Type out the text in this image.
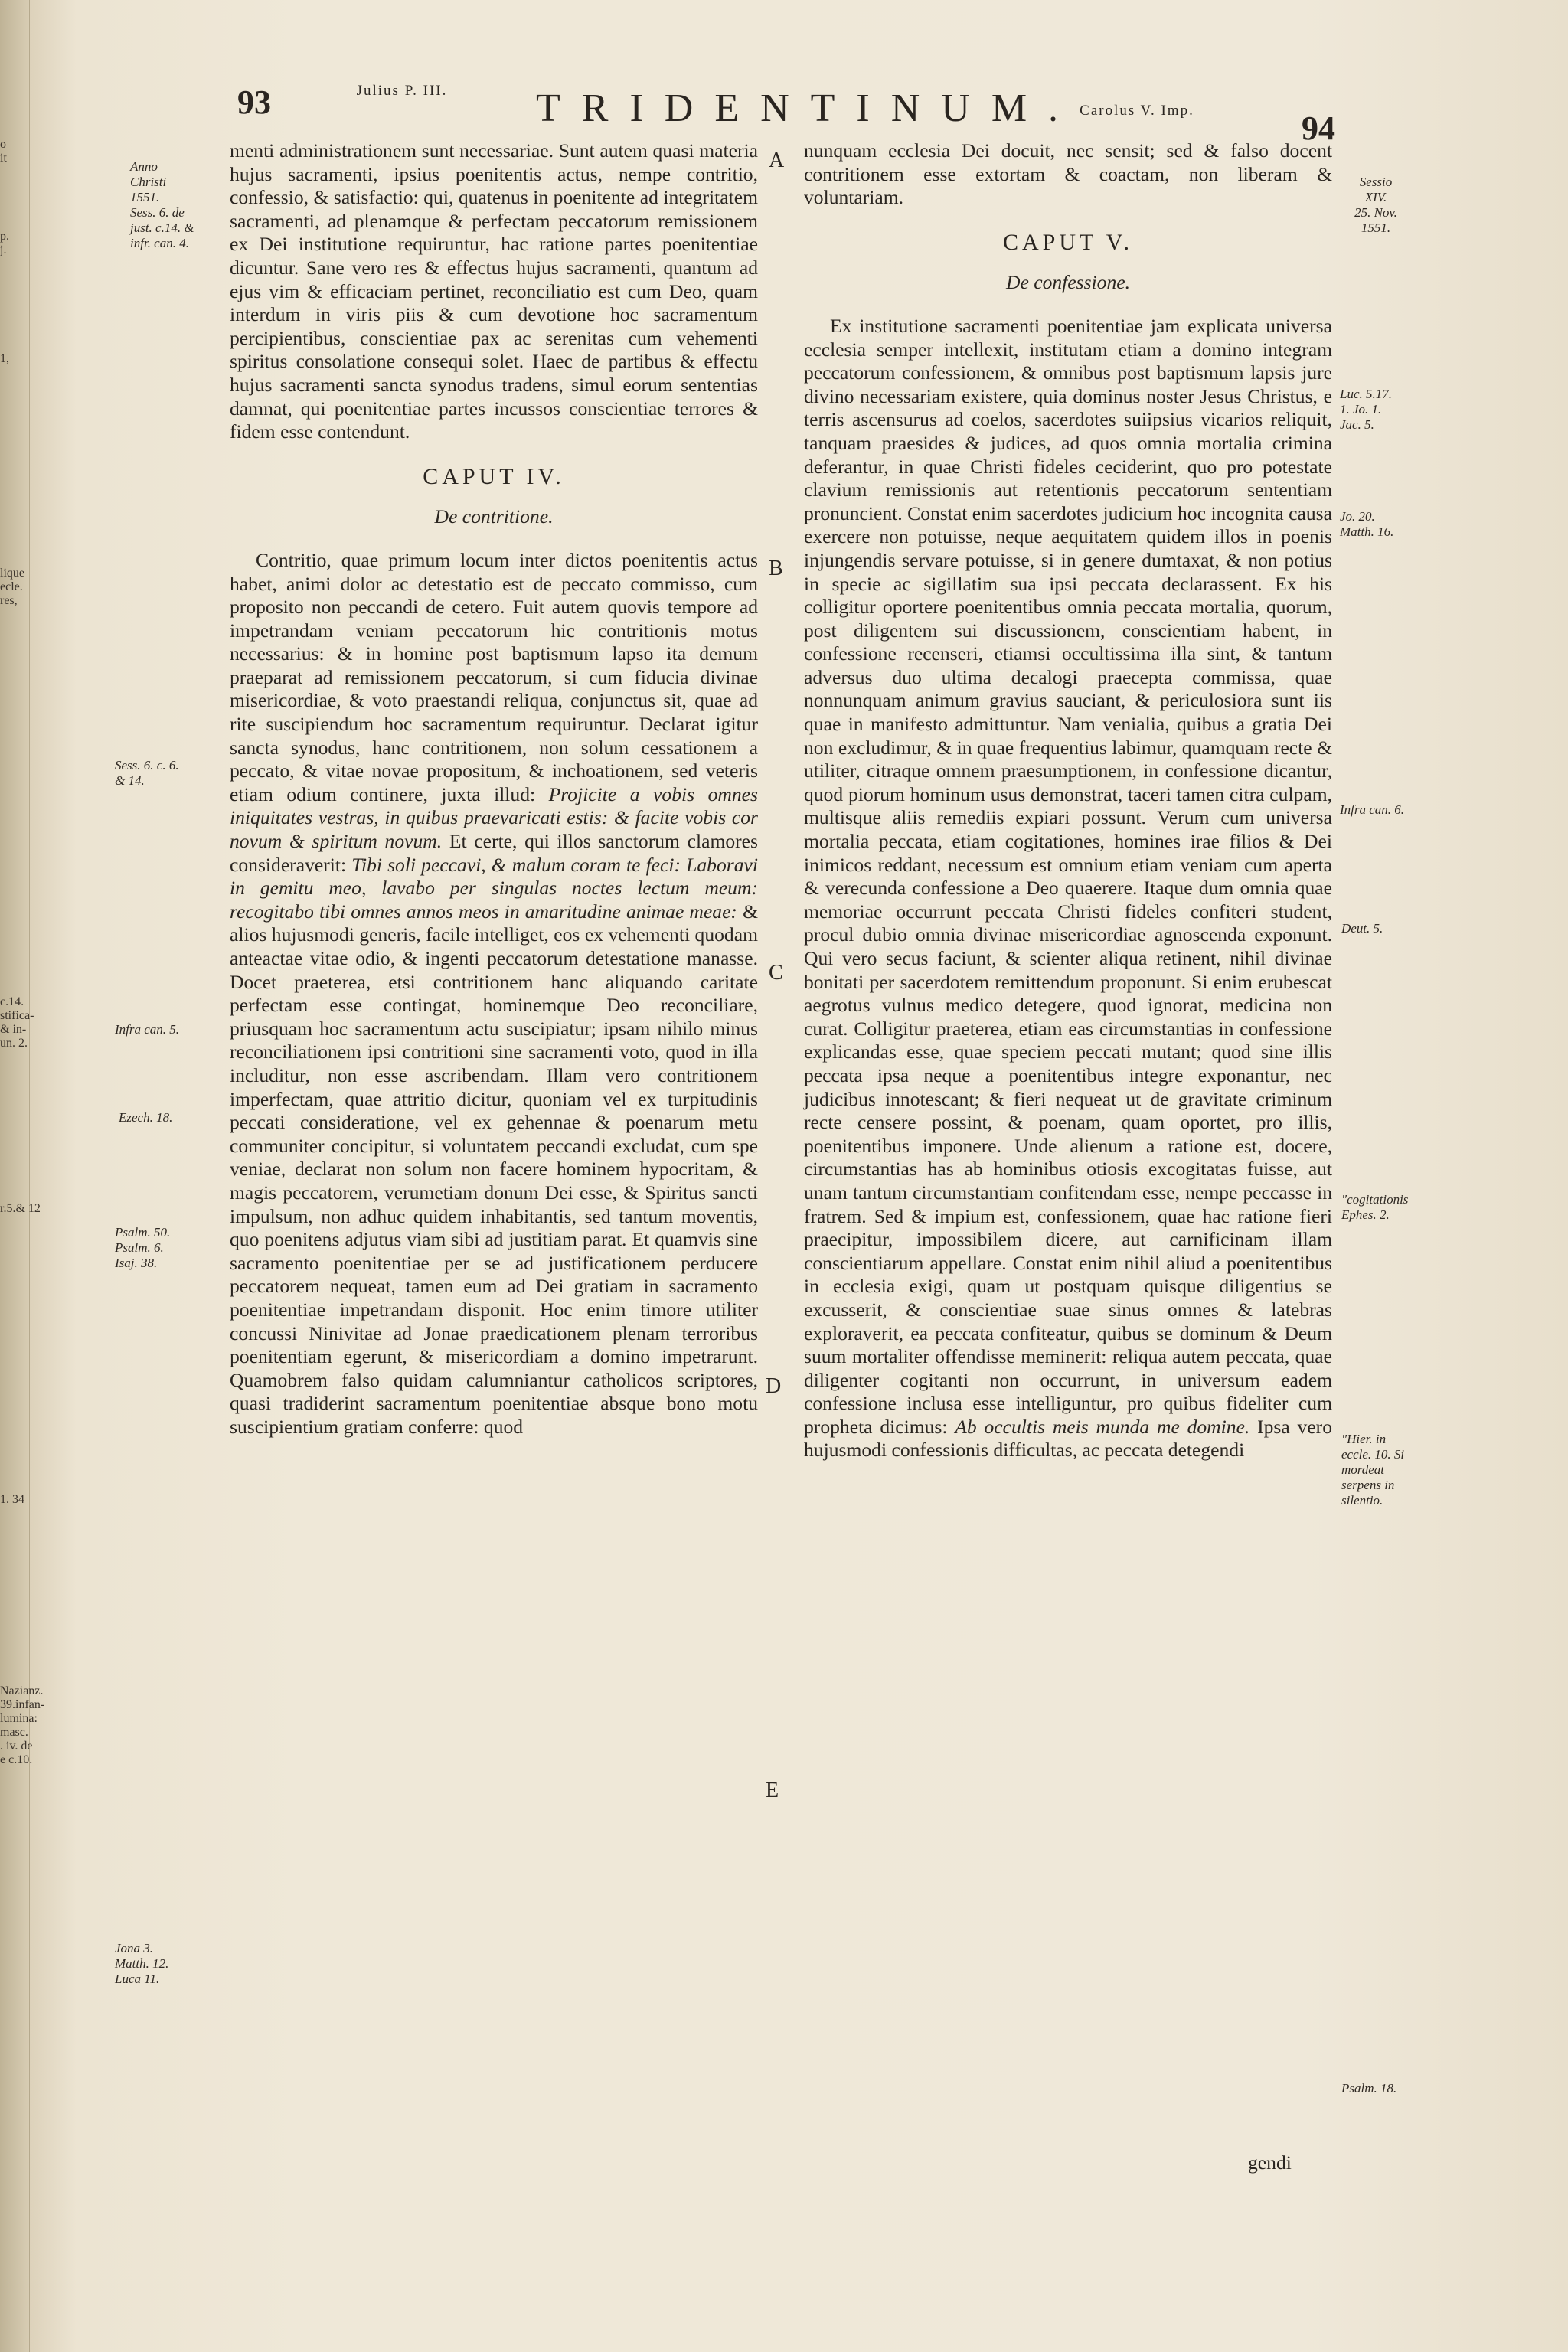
o
it
p.
j.
1,
lique
ecle.
res,
c.14.
stifica-
& in-
un. 2.
r.5.& 12
1. 34
Nazianz.
39.infan-
lumina:
masc.
. iv. de
e c.10.
93	Julius P. III. TRIDENTINUM. Carolus V. Imp.	94
Anno
Christi
1551.
Sess. 6. de
just. c.14. &
infr. can. 4.
Sess. 6. c. 6.
& 14.
Infra can. 5.
Ezech. 18.
Psalm. 50.
Psalm. 6.
Isaj. 38.
Jona 3.
Matth. 12.
Luca 11.
Sessio
XIV.
25. Nov.
1551.
Luc. 5.17.
1. Jo. 1.
Jac. 5.
Jo. 20.
Matth. 16.
Infra can. 6.
Deut. 5.
"cogitationis
Ephes. 2.
"Hier. in
eccle. 10. Si
mordeat
serpens in
silentio.
Psalm. 18.
A
B
C
D
E

menti administrationem sunt necessariae. Sunt autem quasi materia hujus sacramenti, ipsius poenitentis actus, nempe contritio, confessio, & satisfactio: qui, quatenus in poenitente ad integritatem sacramenti, ad plenamque & perfectam peccatorum remissionem ex Dei institutione requiruntur, hac ratione partes poenitentiae dicuntur. Sane vero res & effectus hujus sacramenti, quantum ad ejus vim & efficaciam pertinet, reconciliatio est cum Deo, quam interdum in viris piis & cum devotione hoc sacramentum percipientibus, conscientiae pax ac serenitas cum vehementi spiritus consolatione consequi solet. Haec de partibus & effectu hujus sacramenti sancta synodus tradens, simul eorum sententias damnat, qui poenitentiae partes incussos conscientiae terrores & fidem esse contendunt.

CAPUT IV.

De contritione.

Contritio, quae primum locum inter dictos poenitentis actus habet, animi dolor ac detestatio est de peccato commisso, cum proposito non peccandi de cetero. Fuit autem quovis tempore ad impetrandam veniam peccatorum hic contritionis motus necessarius: & in homine post baptismum lapso ita demum praeparat ad remissionem peccatorum, si cum fiducia divinae misericordiae, & voto praestandi reliqua, conjunctus sit, quae ad rite suscipiendum hoc sacramentum requiruntur. Declarat igitur sancta synodus, hanc contritionem, non solum cessationem a peccato, & vitae novae propositum, & inchoationem, sed veteris etiam odium continere, juxta illud: Projicite a vobis omnes iniquitates vestras, in quibus praevaricati estis: & facite vobis cor novum & spiritum novum. Et certe, qui illos sanctorum clamores consideraverit: Tibi soli peccavi, & malum coram te feci: Laboravi in gemitu meo, lavabo per singulas noctes lectum meum: recogitabo tibi omnes annos meos in amaritudine animae meae: & alios hujusmodi generis, facile intelliget, eos ex vehementi quodam anteactae vitae odio, & ingenti peccatorum detestatione manasse. Docet praeterea, etsi contritionem hanc aliquando caritate perfectam esse contingat, hominemque Deo reconciliare, priusquam hoc sacramentum actu suscipiatur; ipsam nihilo minus reconciliationem ipsi contritioni sine sacramenti voto, quod in illa includitur, non esse ascribendam. Illam vero contritionem imperfectam, quae attritio dicitur, quoniam vel ex turpitudinis peccati consideratione, vel ex gehennae & poenarum metu communiter concipitur, si voluntatem peccandi excludat, cum spe veniae, declarat non solum non facere hominem hypocritam, & magis peccatorem, verumetiam donum Dei esse, & Spiritus sancti impulsum, non adhuc quidem inhabitantis, sed tantum moventis, quo poenitens adjutus viam sibi ad justitiam parat. Et quamvis sine sacramento poenitentiae per se ad justificationem perducere peccatorem nequeat, tamen eum ad Dei gratiam in sacramento poenitentiae impetrandam disponit. Hoc enim timore utiliter concussi Ninivitae ad Jonae praedicationem plenam terroribus poenitentiam egerunt, & misericordiam a domino impetrarunt. Quamobrem falso quidam calumniantur catholicos scriptores, quasi tradiderint sacramentum poenitentiae absque bono motu suscipientium gratiam conferre: quod

nunquam ecclesia Dei docuit, nec sensit; sed & falso docent contritionem esse extortam & coactam, non liberam & voluntariam.

CAPUT V.

De confessione.

Ex institutione sacramenti poenitentiae jam explicata universa ecclesia semper intellexit, institutam etiam a domino integram peccatorum confessionem, & omnibus post baptismum lapsis jure divino necessariam existere, quia dominus noster Jesus Christus, e terris ascensurus ad coelos, sacerdotes suiipsius vicarios reliquit, tanquam praesides & judices, ad quos omnia mortalia crimina deferantur, in quae Christi fideles ceciderint, quo pro potestate clavium remissionis aut retentionis peccatorum sententiam pronuncient. Constat enim sacerdotes judicium hoc incognita causa exercere non potuisse, neque aequitatem quidem illos in poenis injungendis servare potuisse, si in genere dumtaxat, & non potius in specie ac sigillatim sua ipsi peccata declarassent. Ex his colligitur oportere poenitentibus omnia peccata mortalia, quorum, post diligentem sui discussionem, conscientiam habent, in confessione recenseri, etiamsi occultissima illa sint, & tantum adversus duo ultima decalogi praecepta commissa, quae nonnunquam animum gravius sauciant, & periculosiora sunt iis quae in manifesto admittuntur. Nam venialia, quibus a gratia Dei non excludimur, & in quae frequentius labimur, quamquam recte & utiliter, citraque omnem praesumptionem, in confessione dicantur, quod piorum hominum usus demonstrat, taceri tamen citra culpam, multisque aliis remediis expiari possunt. Verum cum universa mortalia peccata, etiam cogitationes, homines irae filios & Dei inimicos reddant, necessum est omnium etiam veniam cum aperta & verecunda confessione a Deo quaerere. Itaque dum omnia quae memoriae occurrunt peccata Christi fideles confiteri student, procul dubio omnia divinae misericordiae agnoscenda exponunt. Qui vero secus faciunt, & scienter aliqua retinent, nihil divinae bonitati per sacerdotem remittendum proponunt. Si enim erubescat aegrotus vulnus medico detegere, quod ignorat, medicina non curat. Colligitur praeterea, etiam eas circumstantias in confessione explicandas esse, quae speciem peccati mutant; quod sine illis peccata ipsa neque a poenitentibus integre exponantur, nec judicibus innotescant; & fieri nequeat ut de gravitate criminum recte censere possint, & poenam, quam oportet, pro illis, poenitentibus imponere. Unde alienum a ratione est, docere, circumstantias has ab hominibus otiosis excogitatas fuisse, aut unam tantum circumstantiam confitendam esse, nempe peccasse in fratrem. Sed & impium est, confessionem, quae hac ratione fieri praecipitur, impossibilem dicere, aut carnificinam illam conscientiarum appellare. Constat enim nihil aliud a poenitentibus in ecclesia exigi, quam ut postquam quisque diligentius se excusserit, & conscientiae suae sinus omnes & latebras exploraverit, ea peccata confiteatur, quibus se dominum & Deum suum mortaliter offendisse meminerit: reliqua autem peccata, quae diligenter cogitanti non occurrunt, in universum eadem confessione inclusa esse intelliguntur, pro quibus fideliter cum propheta dicimus: Ab occultis meis munda me domine. Ipsa vero hujusmodi confessionis difficultas, ac peccata detegendi

gendi
